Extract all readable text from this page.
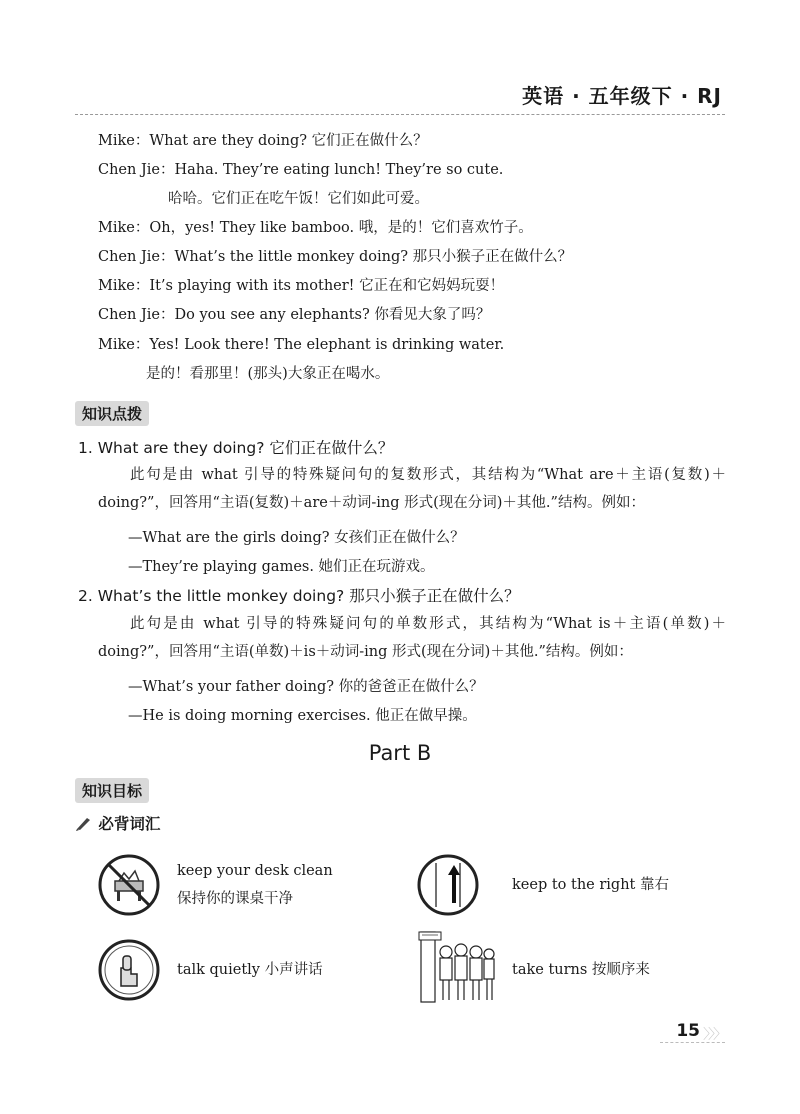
英语 · 五年级下 · RJ
Mike：What are they doing? 它们正在做什么？
Chen Jie：Haha. They’re eating lunch! They’re so cute.
哈哈。它们正在吃午饭！它们如此可爱。
Mike：Oh，yes! They like bamboo. 哦，是的！它们喜欢竹子。
Chen Jie：What’s the little monkey doing? 那只小猴子正在做什么？
Mike：It’s playing with its mother! 它正在和它妈妈玩耍！
Chen Jie：Do you see any elephants? 你看见大象了吗？
Mike：Yes! Look there! The elephant is drinking water.
是的！看那里！(那头)大象正在喝水。
知识点拨
1. What are they doing? 它们正在做什么？
此句是由 what 引导的特殊疑问句的复数形式，其结构为“What are＋主语(复数)＋doing?”，回答用“主语(复数)＋are＋动词-ing 形式(现在分词)＋其他.”结构。例如：
—What are the girls doing? 女孩们正在做什么？
—They’re playing games. 她们正在玩游戏。
2. What’s the little monkey doing? 那只小猴子正在做什么？
此句是由 what 引导的特殊疑问句的单数形式，其结构为“What is＋主语(单数)＋doing?”，回答用“主语(单数)＋is＋动词-ing 形式(现在分词)＋其他.”结构。例如：
—What’s your father doing? 你的爸爸正在做什么？
—He is doing morning exercises. 他正在做早操。
Part B
知识目标
必背词汇
keep your desk clean
保持你的课桌干净
keep to the right 靠右
talk quietly 小声讲话	take turns 按顺序来
15 〉〉〉
